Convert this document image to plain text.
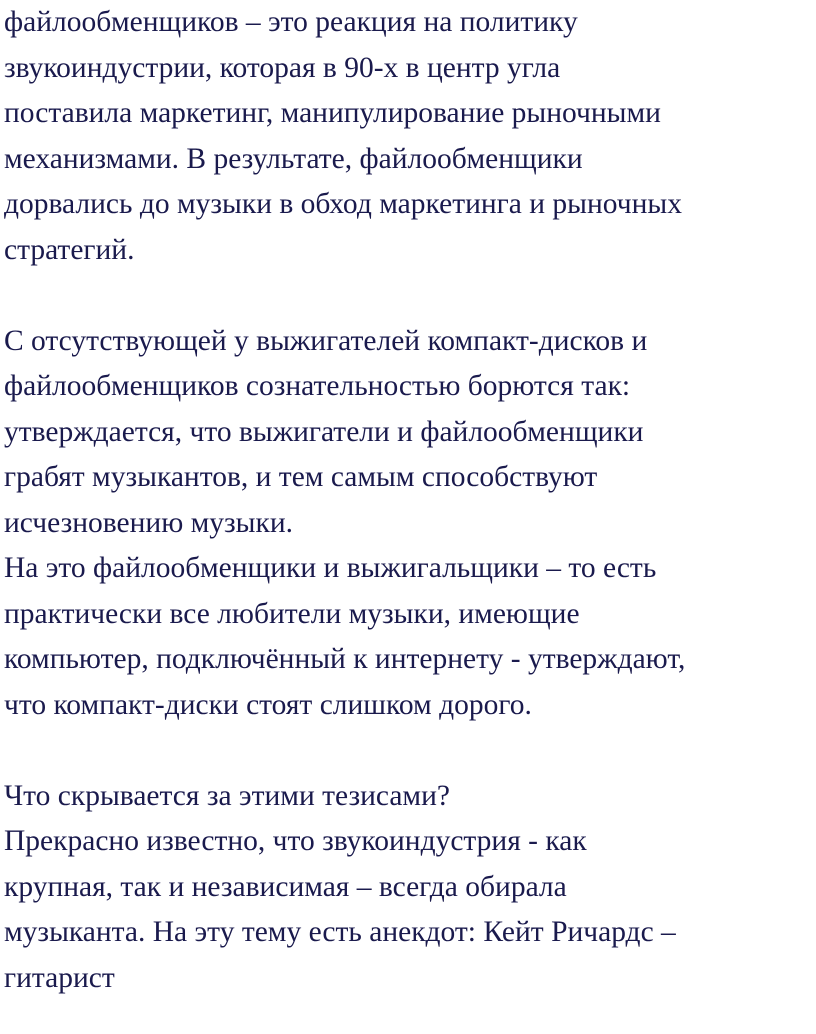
файлообменщиков – это реакция на политику
звукоиндустрии, которая в 90-х в центр угла
поставила маркетинг, манипулирование рыночными
механизмами. В результате, файлообменщики
дорвались до музыки в обход маркетинга и рыночных
стратегий.
С отсутствующей у выжигателей компакт-дисков и
файлообменщиков сознательностью борются так:
утверждается, что выжигатели и файлообменщики
грабят музыкантов, и тем самым способствуют
исчезновению музыки.
На это файлообменщики и выжигальщики – то есть
практически все любители музыки, имеющие
компьютер, подключённый к интернету - утверждают,
что компакт-диски стоят слишком дорого.
Что скрывается за этими тезисами?
Прекрасно известно, что звукоиндустрия - как
крупная, так и независимая – всегда обирала
музыканта. На эту тему есть анекдот: Кейт Ричардс –
гитарист
